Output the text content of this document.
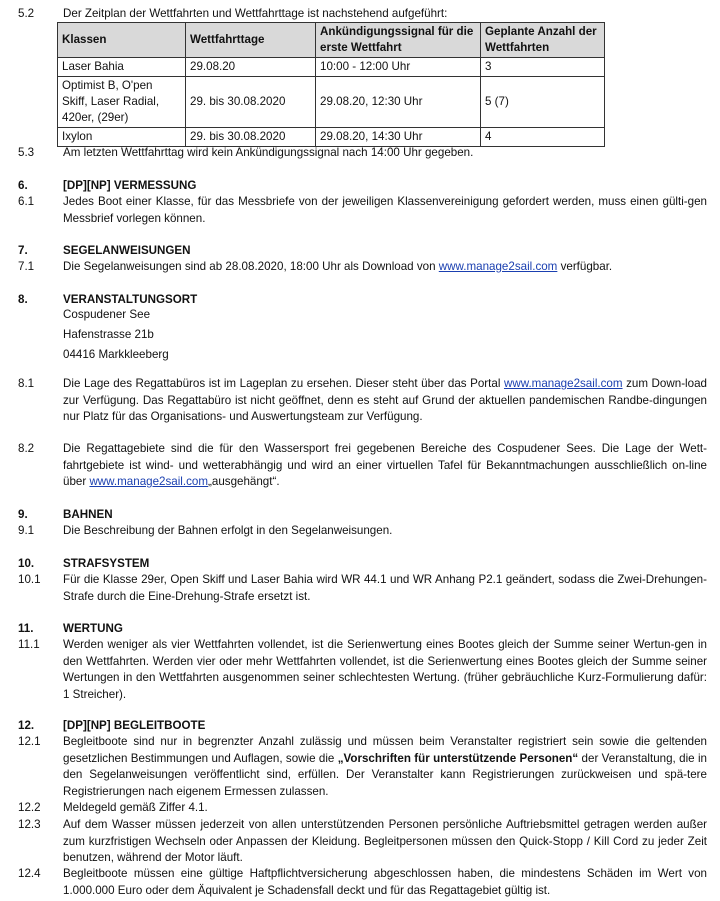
5.2 Der Zeitplan der Wettfahrten und Wettfahrttage ist nachstehend aufgeführt:
Klassen	Wettfahrttage	Ankündigungssignal für die erste Wettfahrt	Geplante Anzahl der Wettfahrten
Laser Bahia	29.08.20	10:00 - 12:00 Uhr	3
Optimist B, O'pen Skiff, Laser Radial, 420er, (29er)	29. bis 30.08.2020	29.08.20, 12:30 Uhr	5 (7)
Ixylon	29. bis 30.08.2020	29.08.20, 14:30 Uhr	4
5.3 Am letzten Wettfahrttag wird kein Ankündigungssignal nach 14:00 Uhr gegeben.
6.	[DP][NP] VERMESSUNG
6.1 Jedes Boot einer Klasse, für das Messbriefe von der jeweiligen Klassenvereinigung gefordert werden, muss einen gülti-gen Messbrief vorlegen können.
7.	SEGELANWEISUNGEN
7.1 Die Segelanweisungen sind ab 28.08.2020, 18:00 Uhr als Download von www.manage2sail.com verfügbar.
8.	VERANSTALTUNGSORT
Cospudener See
Hafenstrasse 21b
04416 Markkleeberg
8.1 Die Lage des Regattabüros ist im Lageplan zu ersehen. Dieser steht über das Portal www.manage2sail.com zum Down-load zur Verfügung. Das Regattabüro ist nicht geöffnet, denn es steht auf Grund der aktuellen pandemischen Randbe-dingungen nur Platz für das Organisations- und Auswertungsteam zur Verfügung.
8.2 Die Regattagebiete sind die für den Wassersport frei gegebenen Bereiche des Cospudener Sees. Die Lage der Wett-fahrtgebiete ist wind- und wetterabhängig und wird an einer virtuellen Tafel für Bekanntmachungen ausschließlich on-line über www.manage2sail.com„ausgehängt“.
9.	BAHNEN
9.1 Die Beschreibung der Bahnen erfolgt in den Segelanweisungen.
10. STRAFSYSTEM
10.1 Für die Klasse 29er, Open Skiff und Laser Bahia wird WR 44.1 und WR Anhang P2.1 geändert, sodass die Zwei-Drehungen-Strafe durch die Eine-Drehung-Strafe ersetzt ist.
11.	WERTUNG
11.1 Werden weniger als vier Wettfahrten vollendet, ist die Serienwertung eines Bootes gleich der Summe seiner Wertun-gen in den Wettfahrten. Werden vier oder mehr Wettfahrten vollendet, ist die Serienwertung eines Bootes gleich der Summe seiner Wertungen in den Wettfahrten ausgenommen seiner schlechtesten Wertung. (früher gebräuchliche Kurz-Formulierung dafür: 1 Streicher).
12. [DP][NP] BEGLEITBOOTE
12.1 Begleitboote sind nur in begrenzter Anzahl zulässig und müssen beim Veranstalter registriert sein sowie die geltenden gesetzlichen Bestimmungen und Auflagen, sowie die „Vorschriften für unterstützende Personen“ der Veranstaltung, die in den Segelanweisungen veröffentlicht sind, erfüllen. Der Veranstalter kann Registrierungen zurückweisen und spä-tere Registrierungen nach eigenem Ermessen zulassen.
12.2 Meldegeld gemäß Ziffer 4.1.
12.3 Auf dem Wasser müssen jederzeit von allen unterstützenden Personen persönliche Auftriebsmittel getragen werden außer zum kurzfristigen Wechseln oder Anpassen der Kleidung. Begleitpersonen müssen den Quick-Stopp / Kill Cord zu jeder Zeit benutzen, während der Motor läuft.
12.4 Begleitboote müssen eine gültige Haftpflichtversicherung abgeschlossen haben, die mindestens Schäden im Wert von 1.000.000 Euro oder dem Äquivalent je Schadensfall deckt und für das Regattagebiet gültig ist.
